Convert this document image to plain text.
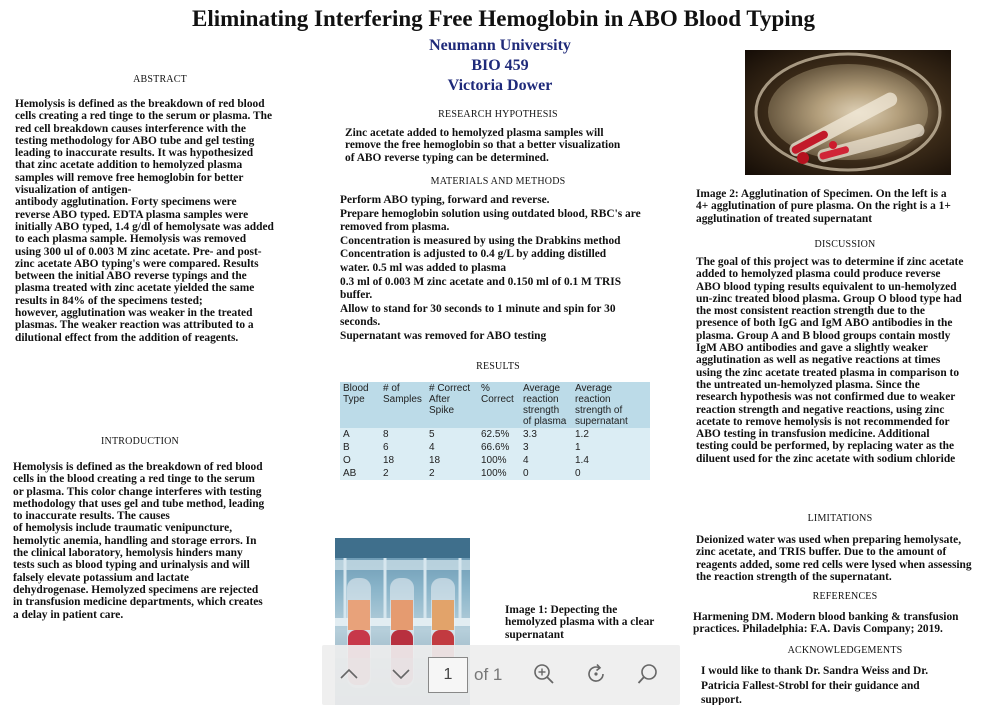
Eliminating Interfering Free Hemoglobin in ABO Blood Typing
Neumann University
BIO 459
Victoria Dower
ABSTRACT
Hemolysis is defined as the breakdown of red blood
cells creating a red tinge to the serum or plasma. The
red cell breakdown causes interference with the
testing methodology for ABO tube and gel testing
leading to inaccurate results. It was hypothesized
that zinc acetate addition to hemolyzed plasma
samples will remove free hemoglobin for better
visualization of antigen-
antibody agglutination. Forty specimens were
reverse ABO typed. EDTA plasma samples were
initially ABO typed, 1.4 g/dl of hemolysate was added
to each plasma sample. Hemolysis was removed
using 300 ul of 0.003 M zinc acetate. Pre- and post-
zinc acetate ABO typing's were compared. Results
between the initial ABO reverse typings and the
plasma treated with zinc acetate yielded the same
results in 84% of the specimens tested;
however, agglutination was weaker in the treated
plasmas. The weaker reaction was attributed to a
dilutional effect from the addition of reagents.
INTRODUCTION
Hemolysis is defined as the breakdown of red blood
cells in the blood creating a red tinge to the serum
or plasma. This color change interferes with testing
methodology that uses gel and tube method, leading
to inaccurate results. The causes
of hemolysis include traumatic venipuncture,
hemolytic anemia, handling and storage errors. In
the clinical laboratory, hemolysis hinders many
tests such as blood typing and urinalysis and will
falsely elevate potassium and lactate
dehydrogenase. Hemolyzed specimens are rejected
in transfusion medicine departments, which creates
a delay in patient care.
RESEARCH HYPOTHESIS
Zinc acetate added to hemolyzed plasma samples will
remove the free hemoglobin so that a better visualization
of ABO reverse typing can be determined.
MATERIALS AND METHODS
Perform ABO typing, forward and reverse.
Prepare hemoglobin solution using outdated blood, RBC's are
removed from plasma.
Concentration is measured by using the Drabkins method
Concentration is adjusted to 0.4 g/L by adding distilled
water. 0.5 ml was added to plasma
0.3 ml of 0.003 M zinc acetate and 0.150 ml of 0.1 M TRIS
buffer.
Allow to stand for 30 seconds to 1 minute and spin for 30
seconds.
Supernatant was removed for ABO testing
RESULTS
Blood Type	# of Samples	# Correct After Spike	% Correct	Average reaction strength of plasma	Average reaction strength of supernatant
A	8	5	62.5%	3.3	1.2
B	6	4	66.6%	3	1
O	18	18	100%	4	1.4
AB	2	2	100%	0	0
Image 1: Depecting the
hemolyzed plasma with a clear
supernatant
Image 2: Agglutination of Specimen. On the left is a
4+ agglutination of pure plasma. On the right is a 1+
agglutination of treated supernatant
DISCUSSION
The goal of this project was to determine if zinc acetate
added to hemolyzed plasma could produce reverse
ABO blood typing results equivalent to un-hemolyzed
un-zinc treated blood plasma. Group O blood type had
the most consistent reaction strength due to the
presence of both IgG and IgM ABO antibodies in the
plasma. Group A and B blood groups contain mostly
IgM ABO antibodies and gave a slightly weaker
agglutination as well as negative reactions at times
using the zinc acetate treated plasma in comparison to
the untreated un-hemolyzed plasma. Since the
research hypothesis was not confirmed due to weaker
reaction strength and negative reactions, using zinc
acetate to remove hemolysis is not recommended for
ABO testing in transfusion medicine. Additional
testing could be performed, by replacing water as the
diluent used for the zinc acetate with sodium chloride
LIMITATIONS
Deionized water was used when preparing hemolysate,
zinc acetate, and TRIS buffer. Due to the amount of
reagents added, some red cells were lysed when assessing
the reaction strength of the supernatant.
REFERENCES
Harmening DM. Modern blood banking & transfusion
practices. Philadelphia: F.A. Davis Company; 2019.
ACKNOWLEDGEMENTS
I would like to thank Dr. Sandra Weiss and Dr.
Patricia Fallest-Strobl for their guidance and
support.
1	of 1
